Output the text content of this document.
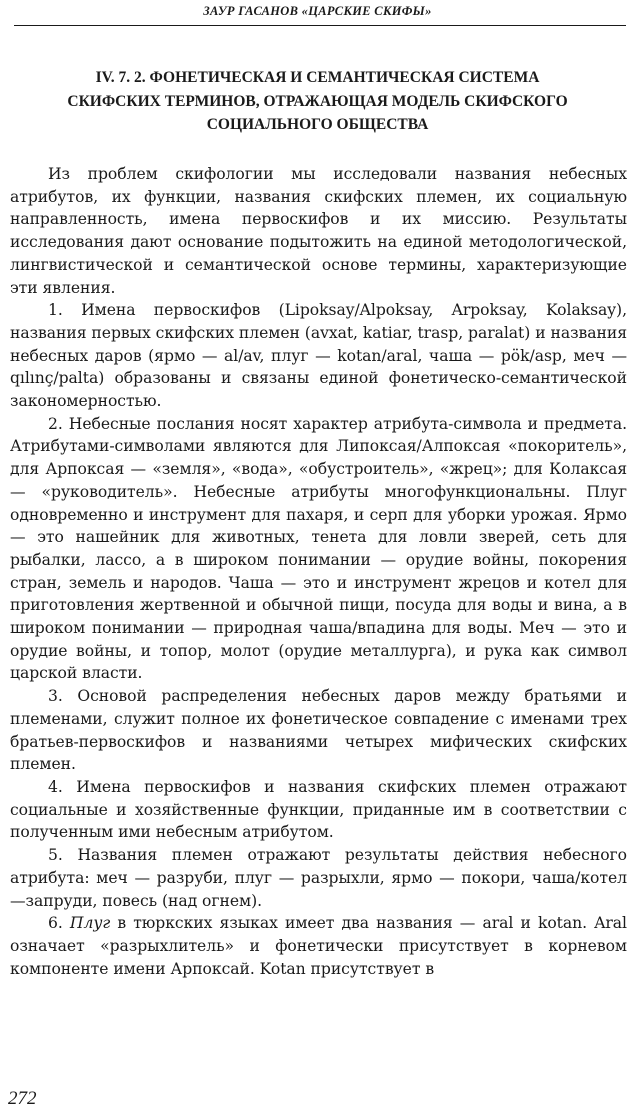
ЗАУР ГАСАНОВ «ЦАРСКИЕ СКИФЫ»
IV. 7. 2. ФОНЕТИЧЕСКАЯ И СЕМАНТИЧЕСКАЯ СИСТЕМА
СКИФСКИХ ТЕРМИНОВ, ОТРАЖАЮЩАЯ МОДЕЛЬ СКИФСКОГО
СОЦИАЛЬНОГО ОБЩЕСТВА

Из проблем скифологии мы исследовали названия небесных атрибутов, их функции, названия скифских племен, их социальную направленность, имена первоскифов и их миссию. Результаты исследования дают основание подытожить на единой методологической, лингвистической и семантической основе термины, характеризующие эти явления.

1. Имена первоскифов (Lipoksay/Alpoksay, Arpoksay, Kolaksay), названия первых скифских племен (avxat, katiar, trasp, paralat) и названия небесных даров (ярмо — al/av, плуг — kotan/aral, чаша — pök/asp, меч —qılınç/palta) образованы и связаны единой фонетическо-семантической закономерностью.

2. Небесные послания носят характер атрибута-символа и предмета. Атрибутами-символами являются для Липоксая/Алпоксая «покоритель», для Арпоксая — «земля», «вода», «обустроитель», «жрец»; для Колаксая — «руководитель». Небесные атрибуты многофункциональны. Плуг одновременно и инструмент для пахаря, и серп для уборки урожая. Ярмо — это нашейник для животных, тенета для ловли зверей, сеть для рыбалки, лассо, а в широком понимании — орудие войны, покорения стран, земель и народов. Чаша — это и инструмент жрецов и котел для приготовления жертвенной и обычной пищи, посуда для воды и вина, а в широком понимании — природная чаша/впадина для воды. Меч — это и орудие войны, и топор, молот (орудие металлурга), и рука как символ царской власти.

3. Основой распределения небесных даров между братьями и племенами, служит полное их фонетическое совпадение с именами трех братьев-первоскифов и названиями четырех мифических скифских племен.

4. Имена первоскифов и названия скифских племен отражают социальные и хозяйственные функции, приданные им в соответствии с полученным ими небесным атрибутом.

5. Названия племен отражают результаты действия небесного атрибута: меч — разруби, плуг — разрыхли, ярмо — покори, чаша/котел —запруди, повесь (над огнем).

6. Плуг в тюркских языках имеет два названия — aral и kotan. Aral означает «разрыхлитель» и фонетически присутствует в корневом компоненте имени Арпоксай. Kotan присутствует в

272
